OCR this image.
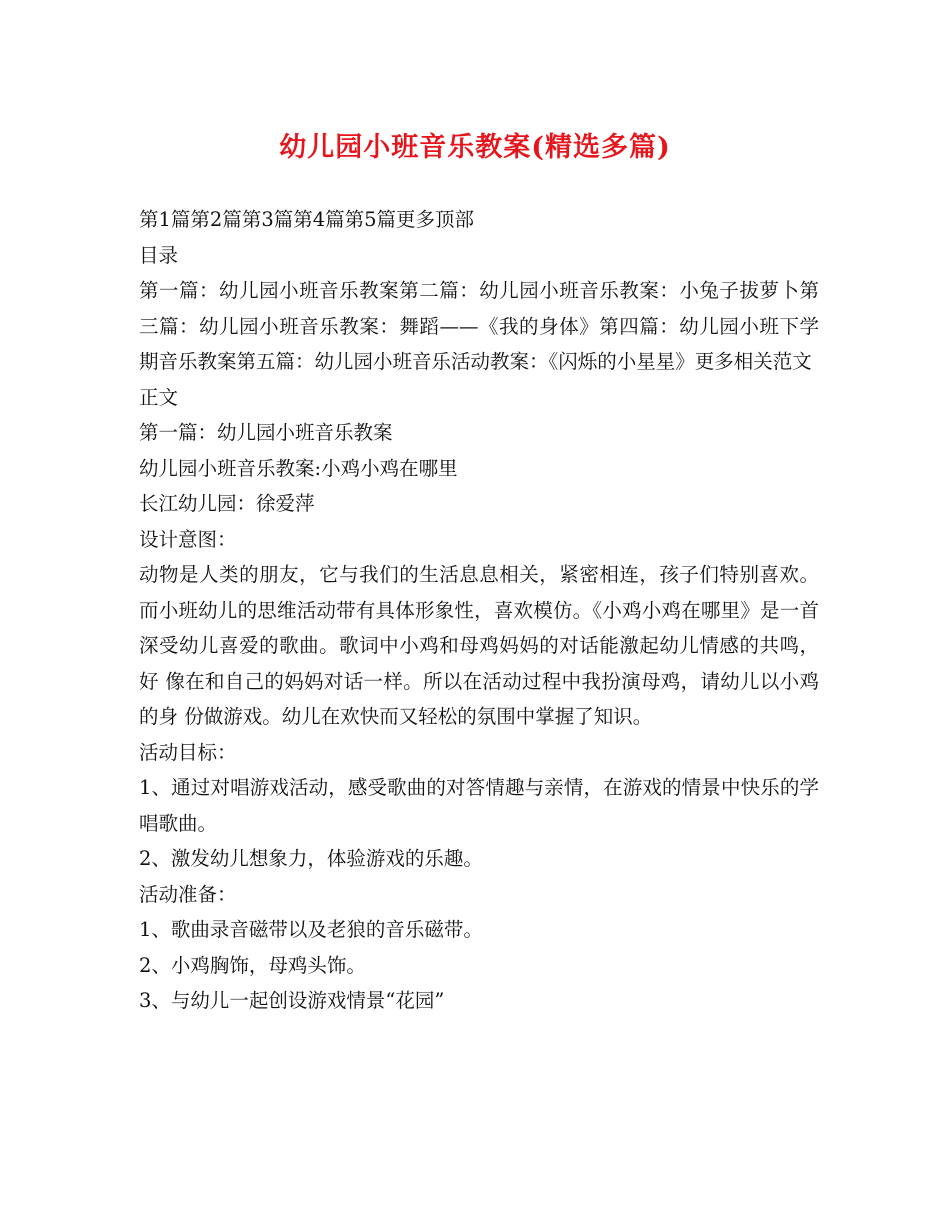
幼儿园小班音乐教案(精选多篇)

第1篇第2篇第3篇第4篇第5篇更多顶部

目录

第一篇：幼儿园小班音乐教案第二篇：幼儿园小班音乐教案：小兔子拔萝卜第三篇：幼儿园小班音乐教案：舞蹈——《我的身体》第四篇：幼儿园小班下学期音乐教案第五篇：幼儿园小班音乐活动教案：《闪烁的小星星》更多相关范文

正文

第一篇：幼儿园小班音乐教案

幼儿园小班音乐教案:小鸡小鸡在哪里

长江幼儿园：徐爱萍

设计意图：

动物是人类的朋友，它与我们的生活息息相关，紧密相连，孩子们特别喜欢。 而小班幼儿的思维活动带有具体形象性，喜欢模仿。《小鸡小鸡在哪里》是一首 深受幼儿喜爱的歌曲。歌词中小鸡和母鸡妈妈的对话能激起幼儿情感的共鸣，好 像在和自己的妈妈对话一样。所以在活动过程中我扮演母鸡，请幼儿以小鸡的身 份做游戏。幼儿在欢快而又轻松的氛围中掌握了知识。

活动目标：

1、通过对唱游戏活动，感受歌曲的对答情趣与亲情，在游戏的情景中快乐的学唱歌曲。

2、激发幼儿想象力，体验游戏的乐趣。

活动准备：

1、歌曲录音磁带以及老狼的音乐磁带。

2、小鸡胸饰，母鸡头饰。

3、与幼儿一起创设游戏情景“花园”
